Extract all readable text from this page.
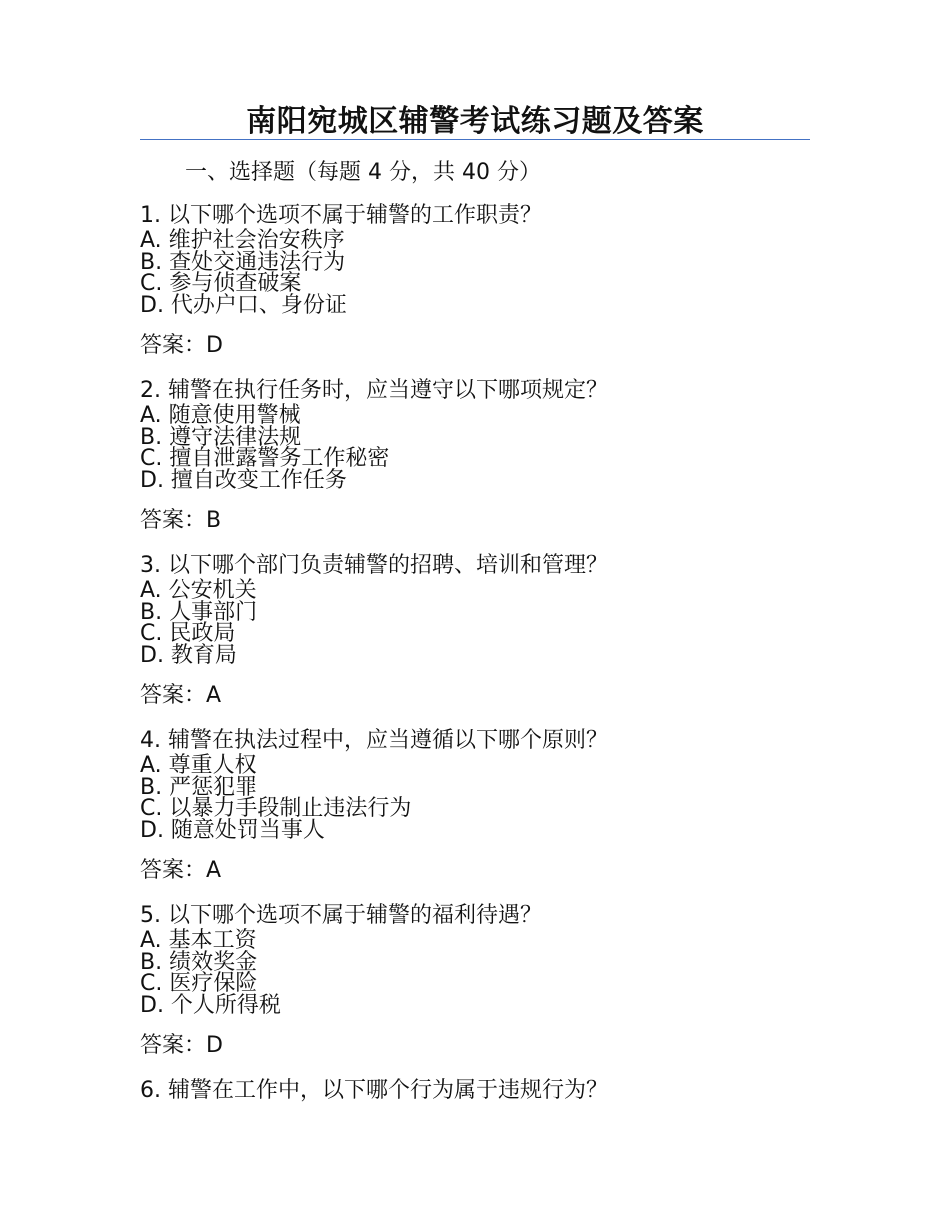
南阳宛城区辅警考试练习题及答案
一、选择题（每题 4 分，共 40 分）
1. 以下哪个选项不属于辅警的工作职责？
A. 维护社会治安秩序
B. 查处交通违法行为
C. 参与侦查破案
D. 代办户口、身份证
答案：D
2. 辅警在执行任务时，应当遵守以下哪项规定？
A. 随意使用警械
B. 遵守法律法规
C. 擅自泄露警务工作秘密
D. 擅自改变工作任务
答案：B
3. 以下哪个部门负责辅警的招聘、培训和管理？
A. 公安机关
B. 人事部门
C. 民政局
D. 教育局
答案：A
4. 辅警在执法过程中，应当遵循以下哪个原则？
A. 尊重人权
B. 严惩犯罪
C. 以暴力手段制止违法行为
D. 随意处罚当事人
答案：A
5. 以下哪个选项不属于辅警的福利待遇？
A. 基本工资
B. 绩效奖金
C. 医疗保险
D. 个人所得税
答案：D
6. 辅警在工作中，以下哪个行为属于违规行为？
